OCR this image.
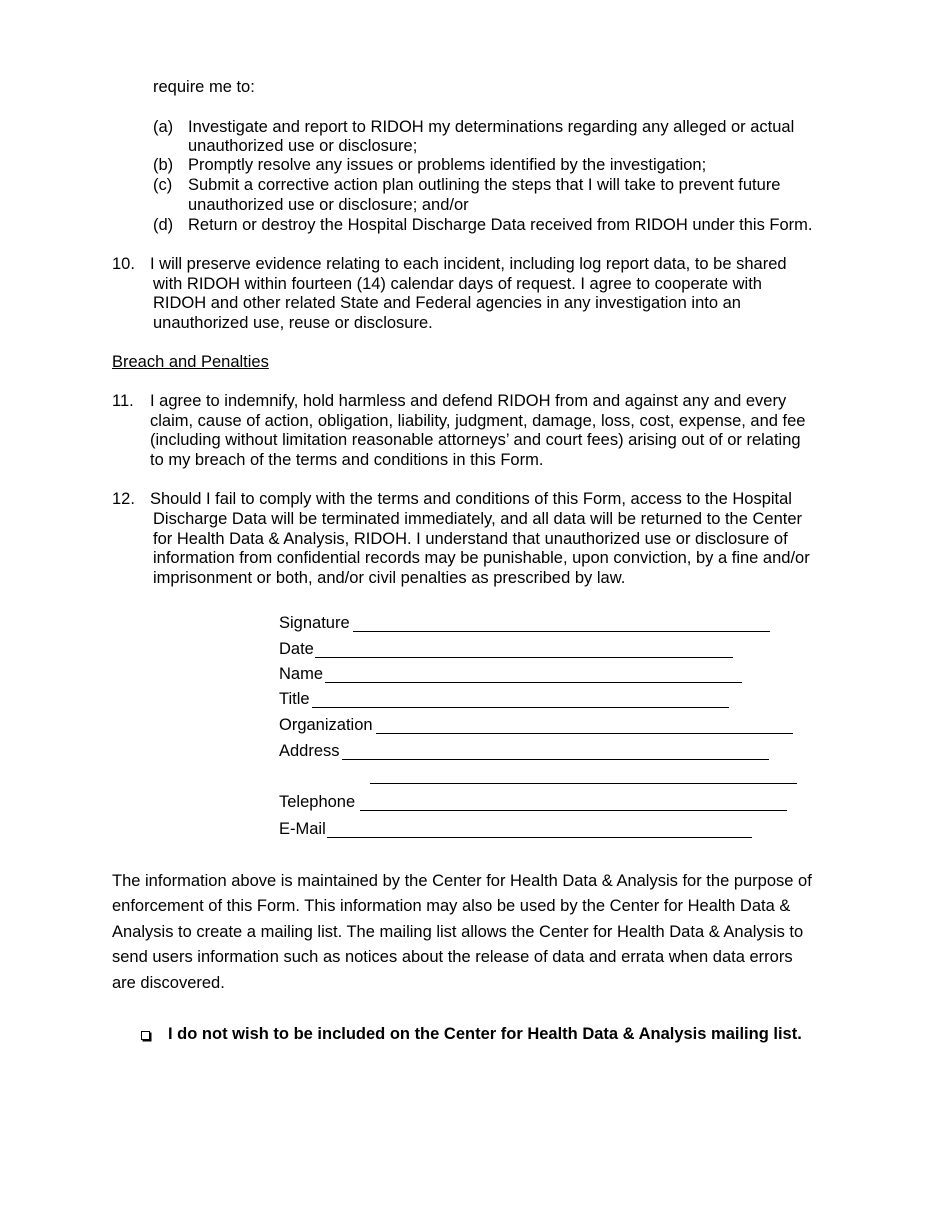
require me to:
(a) Investigate and report to RIDOH my determinations regarding any alleged or actual
unauthorized use or disclosure;
(b) Promptly resolve any issues or problems identified by the investigation;
(c) Submit a corrective action plan outlining the steps that I will take to prevent future
unauthorized use or disclosure; and/or
(d) Return or destroy the Hospital Discharge Data received from RIDOH under this Form.
10. I will preserve evidence relating to each incident, including log report data, to be shared
with RIDOH within fourteen (14) calendar days of request. I agree to cooperate with
RIDOH and other related State and Federal agencies in any investigation into an
unauthorized use, reuse or disclosure.
Breach and Penalties
11. I agree to indemnify, hold harmless and defend RIDOH from and against any and every
claim, cause of action, obligation, liability, judgment, damage, loss, cost, expense, and fee
(including without limitation reasonable attorneys’ and court fees) arising out of or relating
to my breach of the terms and conditions in this Form.
12. Should I fail to comply with the terms and conditions of this Form, access to the Hospital
Discharge Data will be terminated immediately, and all data will be returned to the Center
for Health Data & Analysis, RIDOH. I understand that unauthorized use or disclosure of
information from confidential records may be punishable, upon conviction, by a fine and/or
imprisonment or both, and/or civil penalties as prescribed by law.
Signature
Date
Name
Title
Organization
Address
Telephone
E-Mail
The information above is maintained by the Center for Health Data & Analysis for the purpose of
enforcement of this Form. This information may also be used by the Center for Health Data &
Analysis to create a mailing list. The mailing list allows the Center for Health Data & Analysis to
send users information such as notices about the release of data and errata when data errors
are discovered.
I do not wish to be included on the Center for Health Data & Analysis mailing list.
